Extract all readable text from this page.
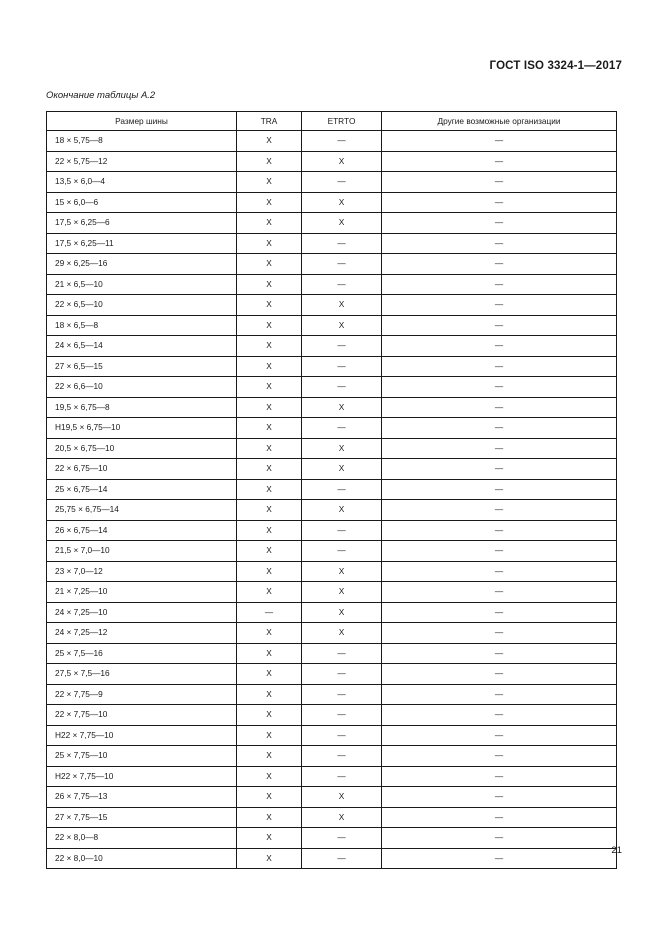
ГОСТ ISO 3324-1—2017
Окончание таблицы А.2
Размер шины	TRA	ETRTO	Другие возможные организации
18 × 5,75—8	X	—	—
22 × 5,75—12	X	X	—
13,5 × 6,0—4	X	—	—
15 × 6,0—6	X	X	—
17,5 × 6,25—6	X	X	—
17,5 × 6,25—11	X	—	—
29 × 6,25—16	X	—	—
21 × 6,5—10	X	—	—
22 × 6,5—10	X	X	—
18 × 6,5—8	X	X	—
24 × 6,5—14	X	—	—
27 × 6,5—15	X	—	—
22 × 6,6—10	X	—	—
19,5 × 6,75—8	X	X	—
H19,5 × 6,75—10	X	—	—
20,5 × 6,75—10	X	X	—
22 × 6,75—10	X	X	—
25 × 6,75—14	X	—	—
25,75 × 6,75—14	X	X	—
26 × 6,75—14	X	—	—
21,5 × 7,0—10	X	—	—
23 × 7,0—12	X	X	—
21 × 7,25—10	X	X	—
24 × 7,25—10	—	X	—
24 × 7,25—12	X	X	—
25 × 7,5—16	X	—	—
27,5 × 7,5—16	X	—	—
22 × 7,75—9	X	—	—
22 × 7,75—10	X	—	—
H22 × 7,75—10	X	—	—
25 × 7,75—10	X	—	—
H22 × 7,75—10	X	—	—
26 × 7,75—13	X	X	—
27 × 7,75—15	X	X	—
22 × 8,0—8	X	—	—
22 × 8,0—10	X	—	—
21
